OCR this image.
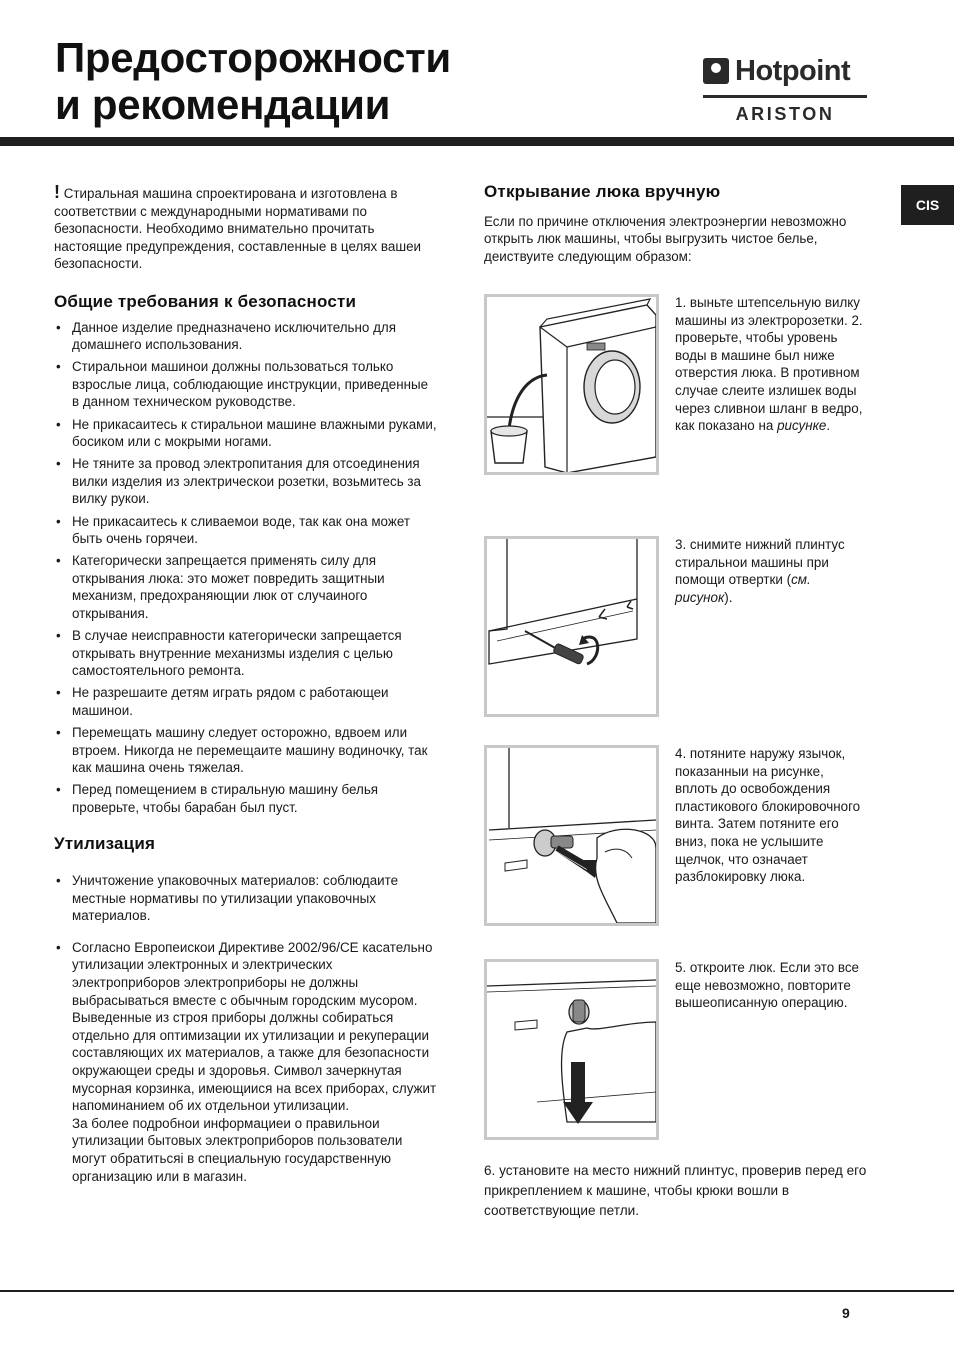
Предосторожности
и рекомендации
Hotpoint
ARISTON
CIS

! Стиральная машина спроектирована и изготовлена в соответствии с международными нормативами по безопасности. Необходимо внимательно прочитать настоящие предупреждения, составленные в целях вашеи безопасности.

Общие требования к безопасности
• Данное изделие предназначено исключительно для домашнего использования.
• Стиральнои машинои должны пользоваться только взрослые лица, соблюдающие инструкции, приведенные в данном техническом руководстве.
• Не прикасаитесь к стиральнои машине влажными руками, босиком или с мокрыми ногами.
• Не тяните за провод электропитания для отсоединения вилки изделия из электрическои розетки, возьмитесь за вилку рукои.
• Не прикасаитесь к сливаемои воде, так как она может быть очень горячеи.
• Категорически запрещается применять силу для открывания люка: это может повредить защитныи механизм, предохраняющии люк от случаиного открывания.
• В случае неисправности категорически запрещается открывать внутренние механизмы изделия с целью самостоятельного ремонта.
• Не разрешаите детям играть рядом с работающеи машинои.
• Перемещать машину следует осторожно, вдвоем или втроем. Никогда не перемещаите машину водиночку, так как машина очень тяжелая.
• Перед помещением в стиральную машину белья проверьте, чтобы барабан был пуст.
Утилизация
• Уничтожение упаковочных материалов: соблюдаите местные нормативы по утилизации упаковочных материалов.
• Согласно Европеискои Директиве 2002/96/CE касательно утилизации электронных и электрических электроприборов электроприборы не должны выбрасываться вместе с обычным городским мусором. Выведенные из строя приборы должны собираться отдельно для оптимизации их утилизации и рекуперации составляющих их материалов, а также для безопасности окружающеи среды и здоровья. Символ зачеркнутая мусорная корзинка, имеющиися на всех приборах, служит напоминанием об их отдельнои утилизации.
За более подробнои информациеи о правильнои утилизации бытовых электроприборов пользователи могут обратитьсяі в специальную государственную организацию или в магазин.
Открывание люка вручную

Если по причине отключения электроэнергии невозможно открыть люк машины, чтобы выгрузить чистое белье, деиствуите следующим образом:

1. выньте штепсельную вилку машины из электророзетки. 2. проверьте, чтобы уровень воды в машине был ниже отверстия люка. В противном случае слеите излишек воды через сливнои шланг в ведро, как показано на рисунке.

3. снимите нижний плинтус стиральнои машины при помощи отвертки (см. рисунок).

4. потяните наружу язычок, показанныи на рисунке, вплоть до освобождения пластикового блокировочного винта. Затем потяните его вниз, пока не услышите щелчок, что означает разблокировку люка.

5. откроите люк. Если это все еще невозможно, повторите вышеописанную операцию.

6. установите на место нижний плинтус, проверив перед его прикреплением к машине, чтобы крюки вошли в соответствующие петли.

9
